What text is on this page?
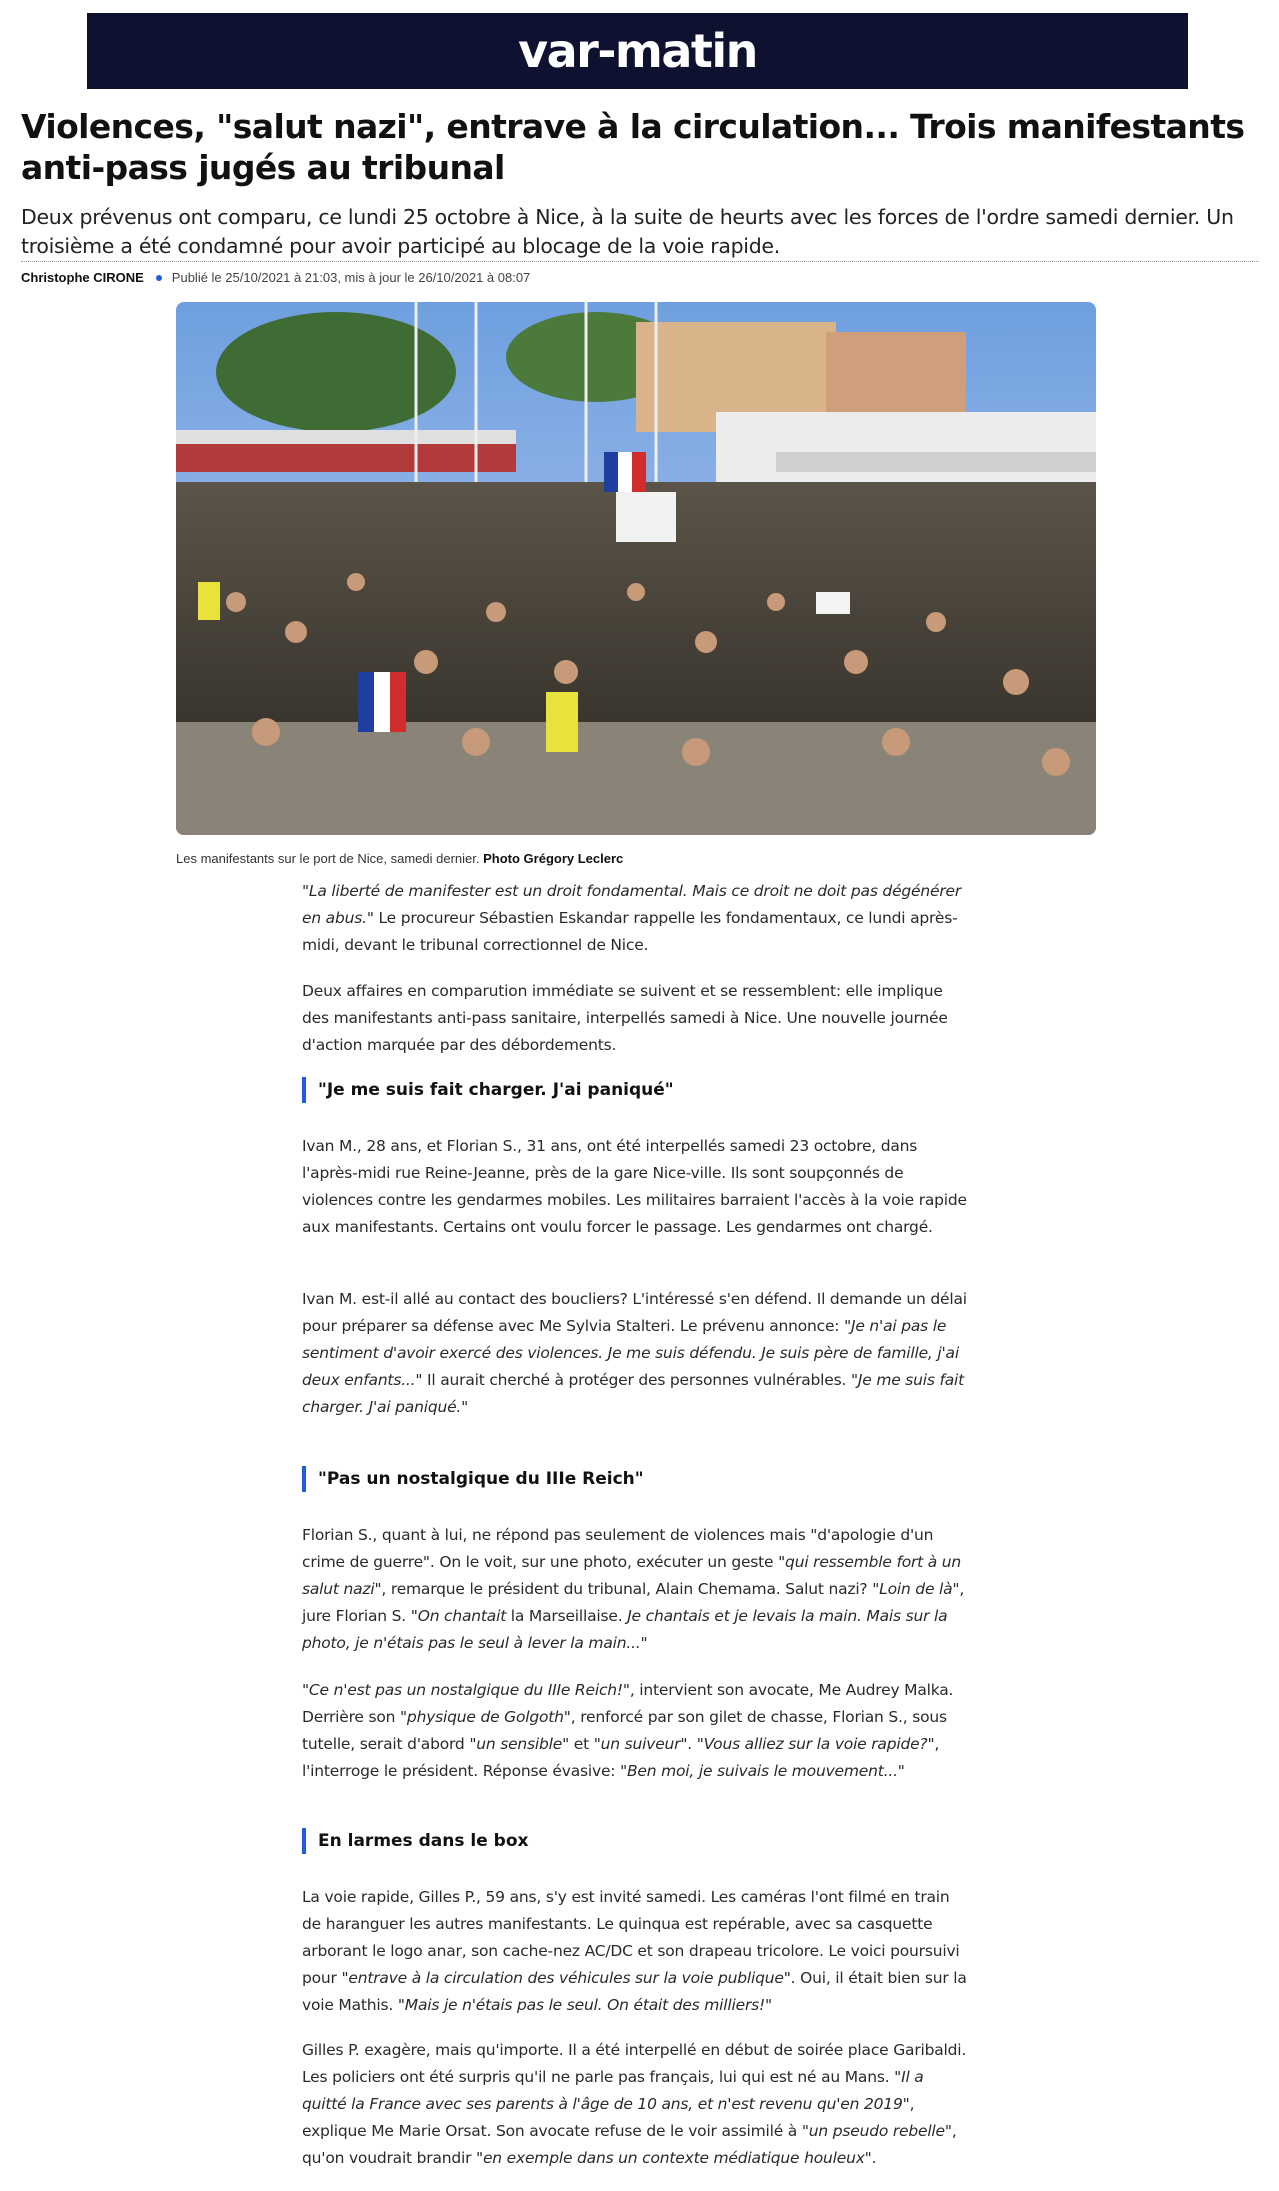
var-matin
Violences, "salut nazi", entrave à la circulation... Trois manifestants anti-pass jugés au tribunal

Deux prévenus ont comparu, ce lundi 25 octobre à Nice, à la suite de heurts avec les forces de l'ordre samedi dernier. Un troisième a été condamné pour avoir participé au blocage de la voie rapide.

Christophe CIRONE Publié le 25/10/2021 à 21:03, mis à jour le 26/10/2021 à 08:07
Les manifestants sur le port de Nice, samedi dernier. Photo Grégory Leclerc

"La liberté de manifester est un droit fondamental. Mais ce droit ne doit pas dégénérer en abus." Le procureur Sébastien Eskandar rappelle les fondamentaux, ce lundi après-midi, devant le tribunal correctionnel de Nice.

Deux affaires en comparution immédiate se suivent et se ressemblent: elle implique des manifestants anti-pass sanitaire, interpellés samedi à Nice. Une nouvelle journée d'action marquée par des débordements.

"Je me suis fait charger. J'ai paniqué"

Ivan M., 28 ans, et Florian S., 31 ans, ont été interpellés samedi 23 octobre, dans l'après-midi rue Reine-Jeanne, près de la gare Nice-ville. Ils sont soupçonnés de violences contre les gendarmes mobiles. Les militaires barraient l'accès à la voie rapide aux manifestants. Certains ont voulu forcer le passage. Les gendarmes ont chargé.

Ivan M. est-il allé au contact des boucliers? L'intéressé s'en défend. Il demande un délai pour préparer sa défense avec Me Sylvia Stalteri. Le prévenu annonce: "Je n'ai pas le sentiment d'avoir exercé des violences. Je me suis défendu. Je suis père de famille, j'ai deux enfants..." Il aurait cherché à protéger des personnes vulnérables. "Je me suis fait charger. J'ai paniqué."

"Pas un nostalgique du IIIe Reich"

Florian S., quant à lui, ne répond pas seulement de violences mais "d'apologie d'un crime de guerre". On le voit, sur une photo, exécuter un geste "qui ressemble fort à un salut nazi", remarque le président du tribunal, Alain Chemama. Salut nazi? "Loin de là", jure Florian S. "On chantait la Marseillaise. Je chantais et je levais la main. Mais sur la photo, je n'étais pas le seul à lever la main..."

"Ce n'est pas un nostalgique du IIIe Reich!", intervient son avocate, Me Audrey Malka. Derrière son "physique de Golgoth", renforcé par son gilet de chasse, Florian S., sous tutelle, serait d'abord "un sensible" et "un suiveur". "Vous alliez sur la voie rapide?", l'interroge le président. Réponse évasive: "Ben moi, je suivais le mouvement..."

En larmes dans le box

La voie rapide, Gilles P., 59 ans, s'y est invité samedi. Les caméras l'ont filmé en train de haranguer les autres manifestants. Le quinqua est repérable, avec sa casquette arborant le logo anar, son cache-nez AC/DC et son drapeau tricolore. Le voici poursuivi pour "entrave à la circulation des véhicules sur la voie publique". Oui, il était bien sur la voie Mathis. "Mais je n'étais pas le seul. On était des milliers!"

Gilles P. exagère, mais qu'importe. Il a été interpellé en début de soirée place Garibaldi. Les policiers ont été surpris qu'il ne parle pas français, lui qui est né au Mans. "Il a quitté la France avec ses parents à l'âge de 10 ans, et n'est revenu qu'en 2019", explique Me Marie Orsat. Son avocate refuse de le voir assimilé à "un pseudo rebelle", qu'on voudrait brandir "en exemple dans un contexte médiatique houleux".
